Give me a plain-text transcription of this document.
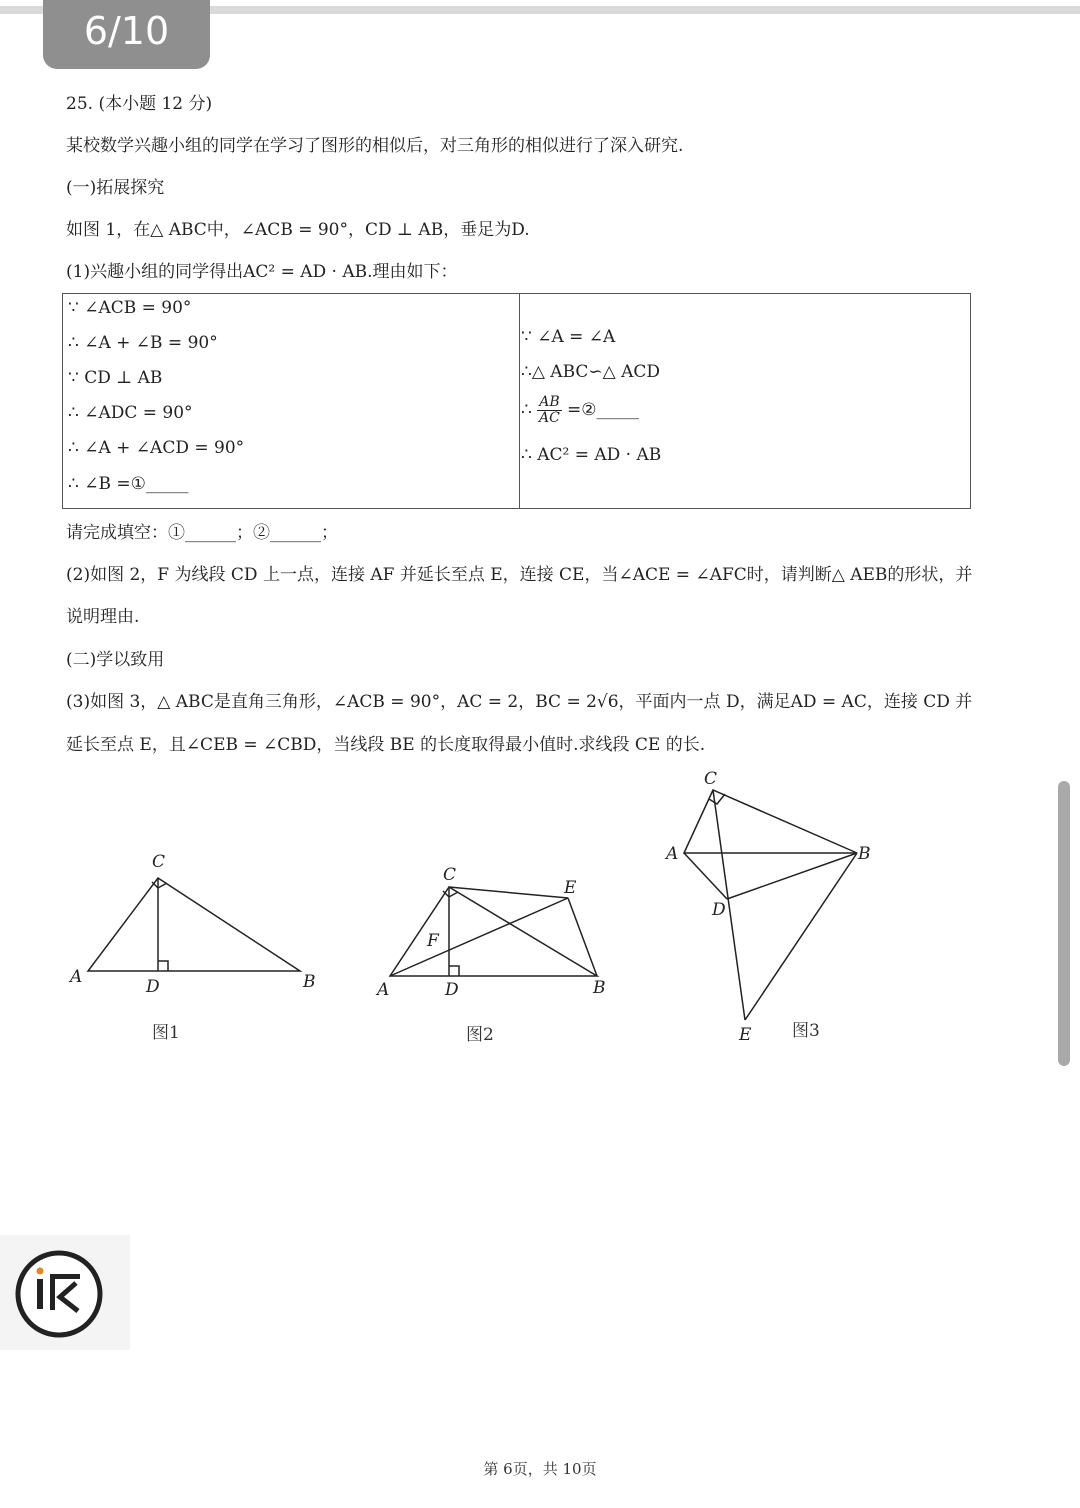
6/10
25. (本小题 12 分)
某校数学兴趣小组的同学在学习了图形的相似后，对三角形的相似进行了深入研究.
(一)拓展探究
如图 1，在△ ABC中，∠ACB = 90°，CD ⊥ AB，垂足为D.
(1)兴趣小组的同学得出AC² = AD · AB.理由如下：
∵ ∠ACB = 90°
∴ ∠A + ∠B = 90°
∵ CD ⊥ AB
∴ ∠ADC = 90°
∴ ∠A + ∠ACD = 90°
∴ ∠B =①_____
∵ ∠A = ∠A
∴△ ABC∽△ ACD
∴ $\frac{AB}{AC}$ =②_____
∴ AC² = AD · AB
请完成填空：①______；②______；
(2)如图 2，F 为线段 CD 上一点，连接 AF 并延长至点 E，连接 CE，当∠ACE = ∠AFC时，请判断△ AEB的形状，并
说明理由.
(二)学以致用
(3)如图 3，△ ABC是直角三角形，∠ACB = 90°，AC = 2，BC = 2√6，平面内一点 D，满足AD = AC，连接 CD 并
延长至点 E，且∠CEB = ∠CBD，当线段 BE 的长度取得最小值时.求线段 CE 的长.
C
A	D	B
图1
C
E
F
A	D	B
图2
C
A	B
D
E 图3
第 6页，共 10页
